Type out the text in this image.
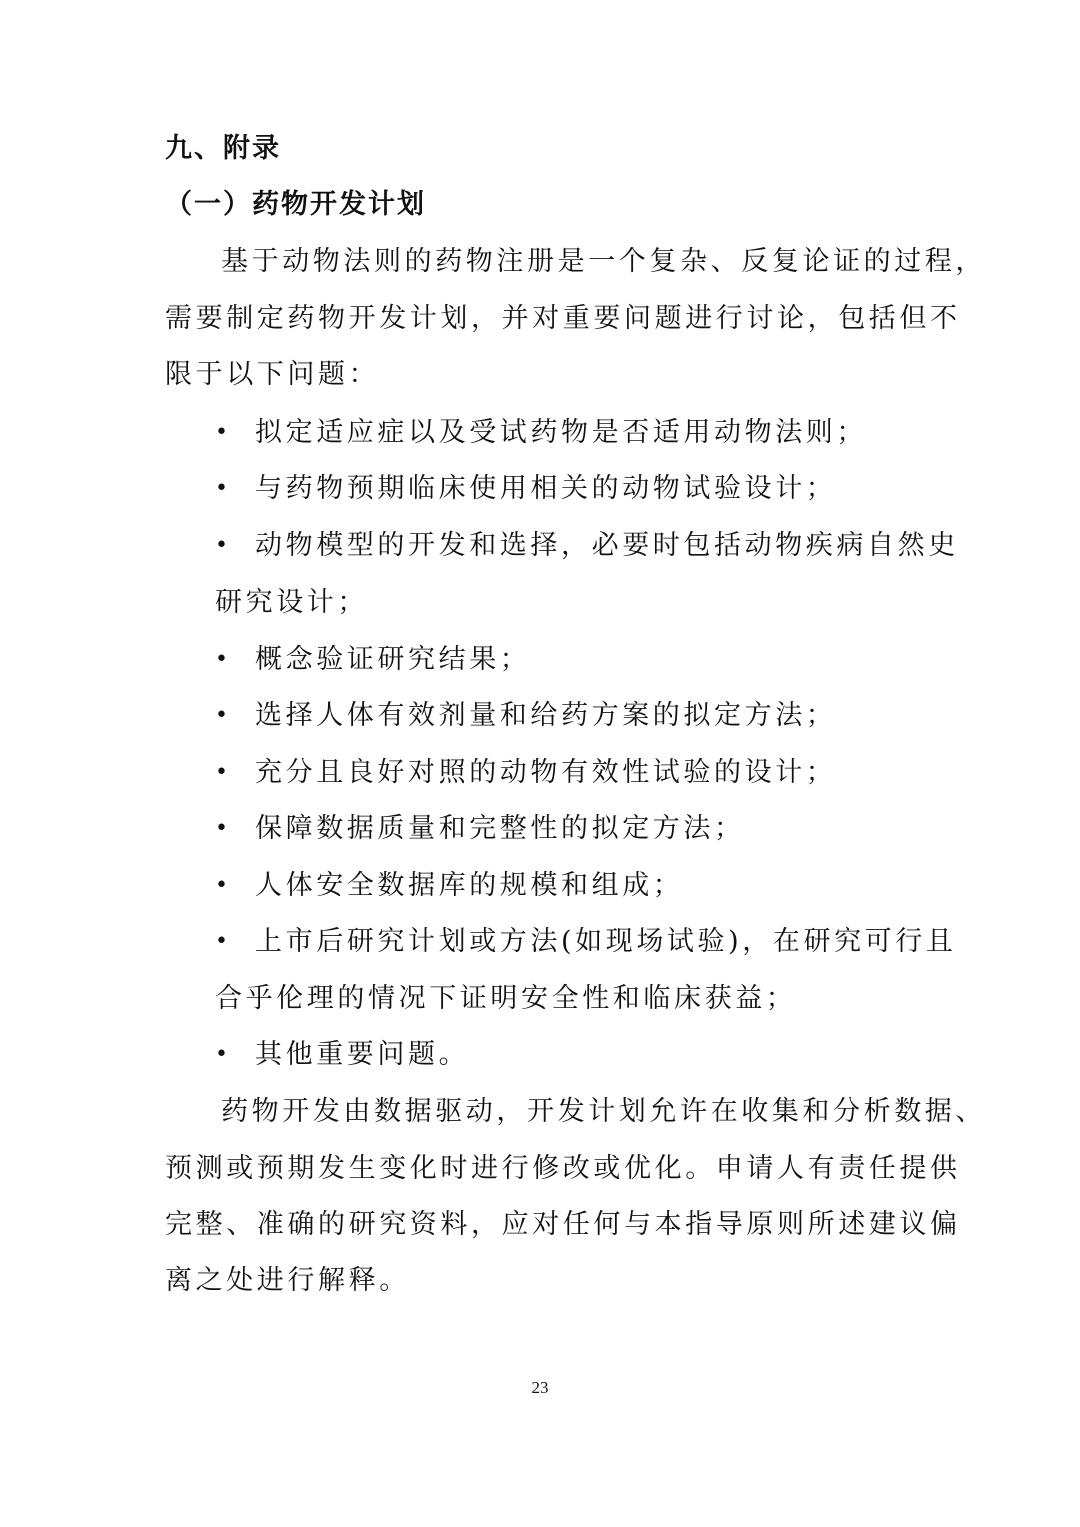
九、附录
（一）药物开发计划
基于动物法则的药物注册是一个复杂、反复论证的过程，
需要制定药物开发计划，并对重要问题进行讨论，包括但不
限于以下问题：
• 拟定适应症以及受试药物是否适用动物法则；
• 与药物预期临床使用相关的动物试验设计；
• 动物模型的开发和选择，必要时包括动物疾病自然史
研究设计；
• 概念验证研究结果；
• 选择人体有效剂量和给药方案的拟定方法；
• 充分且良好对照的动物有效性试验的设计；
• 保障数据质量和完整性的拟定方法；
• 人体安全数据库的规模和组成；
• 上市后研究计划或方法(如现场试验)，在研究可行且
合乎伦理的情况下证明安全性和临床获益；
• 其他重要问题。
药物开发由数据驱动，开发计划允许在收集和分析数据、
预测或预期发生变化时进行修改或优化。申请人有责任提供
完整、准确的研究资料，应对任何与本指导原则所述建议偏
离之处进行解释。
23
